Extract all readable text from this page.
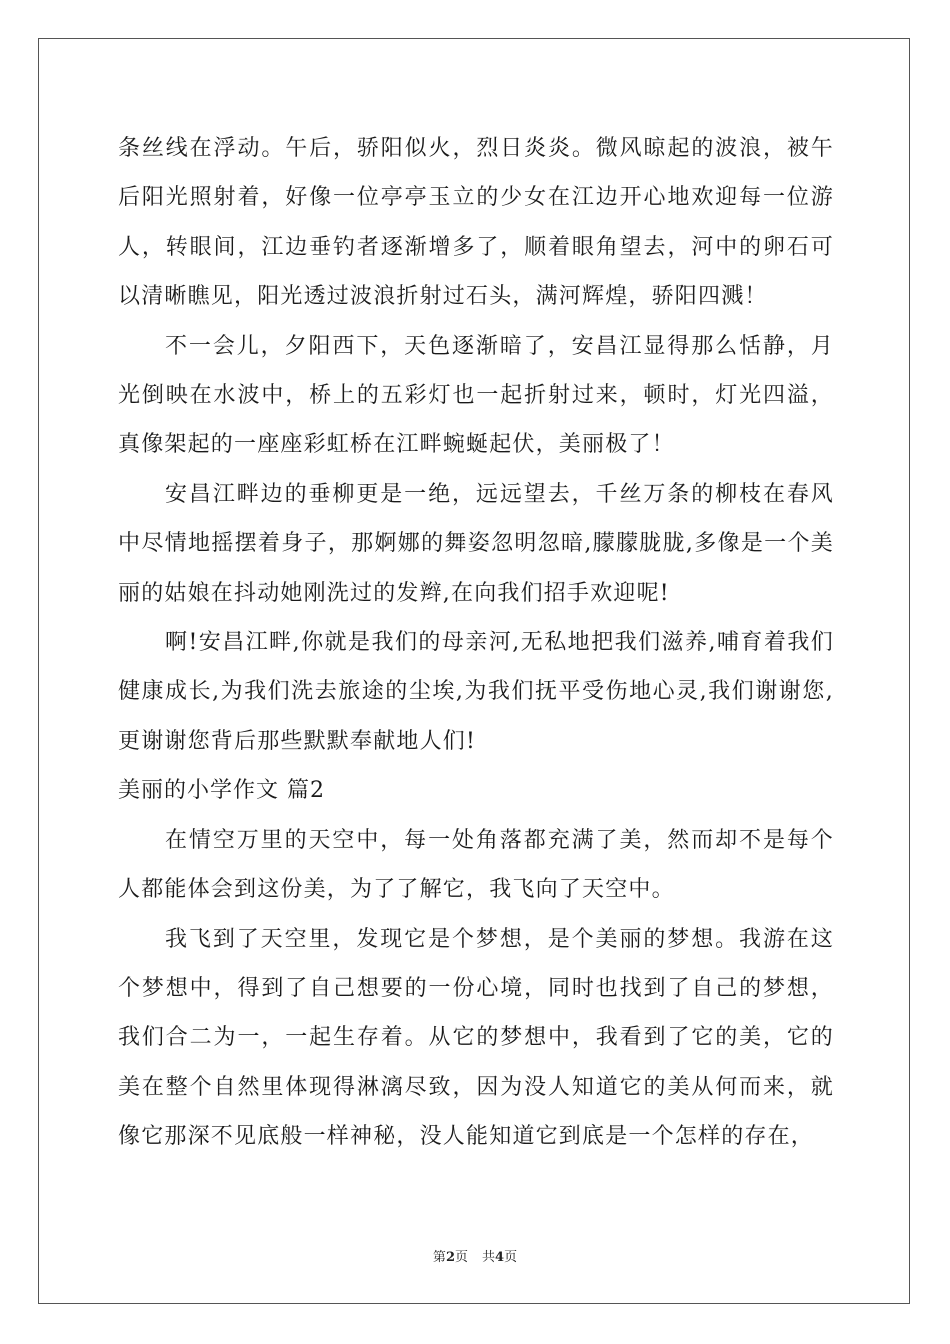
条丝线在浮动。午后，骄阳似火，烈日炎炎。微风晾起的波浪，被午后阳光照射着，好像一位亭亭玉立的少女在江边开心地欢迎每一位游人，转眼间，江边垂钓者逐渐增多了，顺着眼角望去，河中的卵石可以清晰瞧见，阳光透过波浪折射过石头，满河辉煌，骄阳四溅！

不一会儿，夕阳西下，天色逐渐暗了，安昌江显得那么恬静，月光倒映在水波中，桥上的五彩灯也一起折射过来，顿时，灯光四溢，真像架起的一座座彩虹桥在江畔蜿蜒起伏，美丽极了！

安昌江畔边的垂柳更是一绝，远远望去，千丝万条的柳枝在春风中尽情地摇摆着身子，那婀娜的舞姿忽明忽暗,朦朦胧胧,多像是一个美丽的姑娘在抖动她刚洗过的发辫,在向我们招手欢迎呢!

啊!安昌江畔,你就是我们的母亲河,无私地把我们滋养,哺育着我们健康成长,为我们洗去旅途的尘埃,为我们抚平受伤地心灵,我们谢谢您,更谢谢您背后那些默默奉献地人们!

美丽的小学作文 篇2

在情空万里的天空中，每一处角落都充满了美，然而却不是每个人都能体会到这份美，为了了解它，我飞向了天空中。

我飞到了天空里，发现它是个梦想，是个美丽的梦想。我游在这个梦想中，得到了自己想要的一份心境，同时也找到了自己的梦想，我们合二为一，一起生存着。从它的梦想中，我看到了它的美，它的美在整个自然里体现得淋漓尽致，因为没人知道它的美从何而来，就像它那深不见底般一样神秘，没人能知道它到底是一个怎样的存在，

第2页 共4页
